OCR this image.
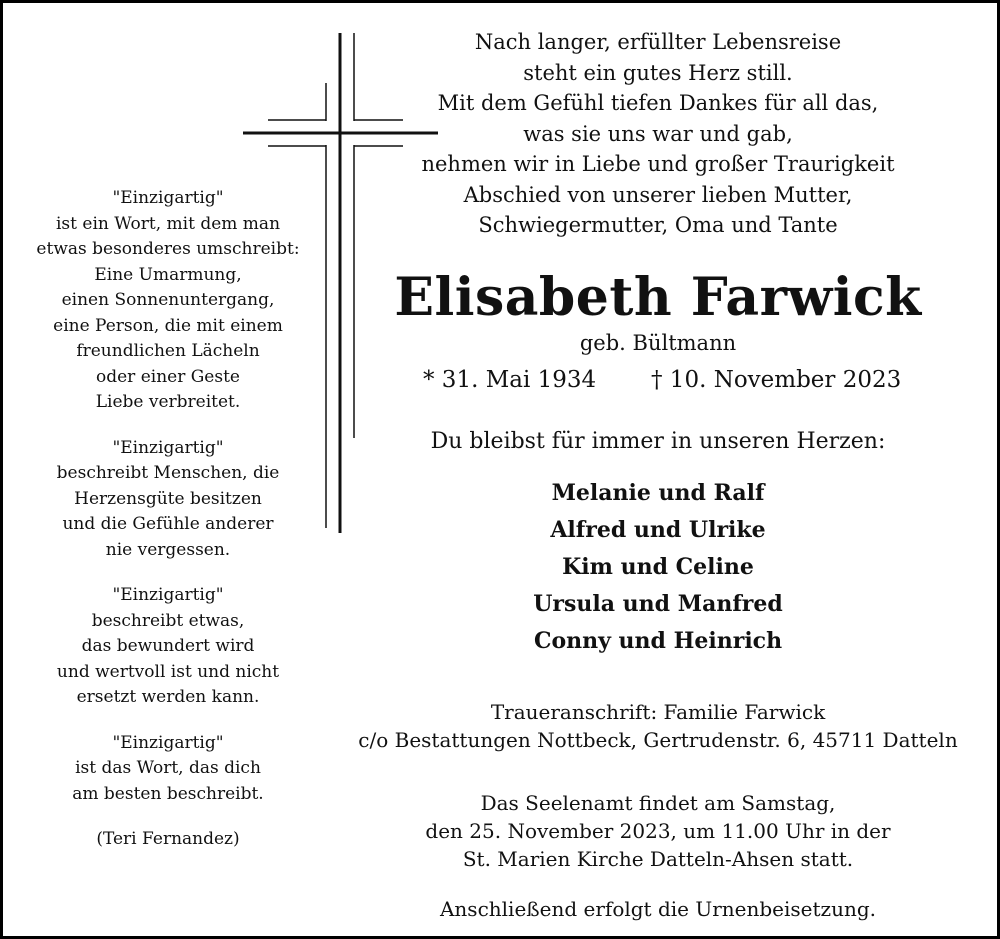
"Einzigartig"
ist ein Wort, mit dem man
etwas besonderes umschreibt:
Eine Umarmung,
einen Sonnenuntergang,
eine Person, die mit einem
freundlichen Lächeln
oder einer Geste
Liebe verbreitet.
"Einzigartig"
beschreibt Menschen, die
Herzensgüte besitzen
und die Gefühle anderer
nie vergessen.
"Einzigartig"
beschreibt etwas,
das bewundert wird
und wertvoll ist und nicht
ersetzt werden kann.
"Einzigartig"
ist das Wort, das dich
am besten beschreibt.
(Teri Fernandez)
Nach langer, erfüllter Lebensreise
steht ein gutes Herz still.
Mit dem Gefühl tiefen Dankes für all das,
was sie uns war und gab,
nehmen wir in Liebe und großer Traurigkeit
Abschied von unserer lieben Mutter,
Schwiegermutter, Oma und Tante
Elisabeth Farwick
geb. Bültmann
* 31. Mai 1934 † 10. November 2023
Du bleibst für immer in unseren Herzen:
Melanie und Ralf
Alfred und Ulrike
Kim und Celine
Ursula und Manfred
Conny und Heinrich
Traueranschrift: Familie Farwick
c/o Bestattungen Nottbeck, Gertrudenstr. 6, 45711 Datteln
Das Seelenamt findet am Samstag,
den 25. November 2023, um 11.00 Uhr in der
St. Marien Kirche Datteln-Ahsen statt.
Anschließend erfolgt die Urnenbeisetzung.
